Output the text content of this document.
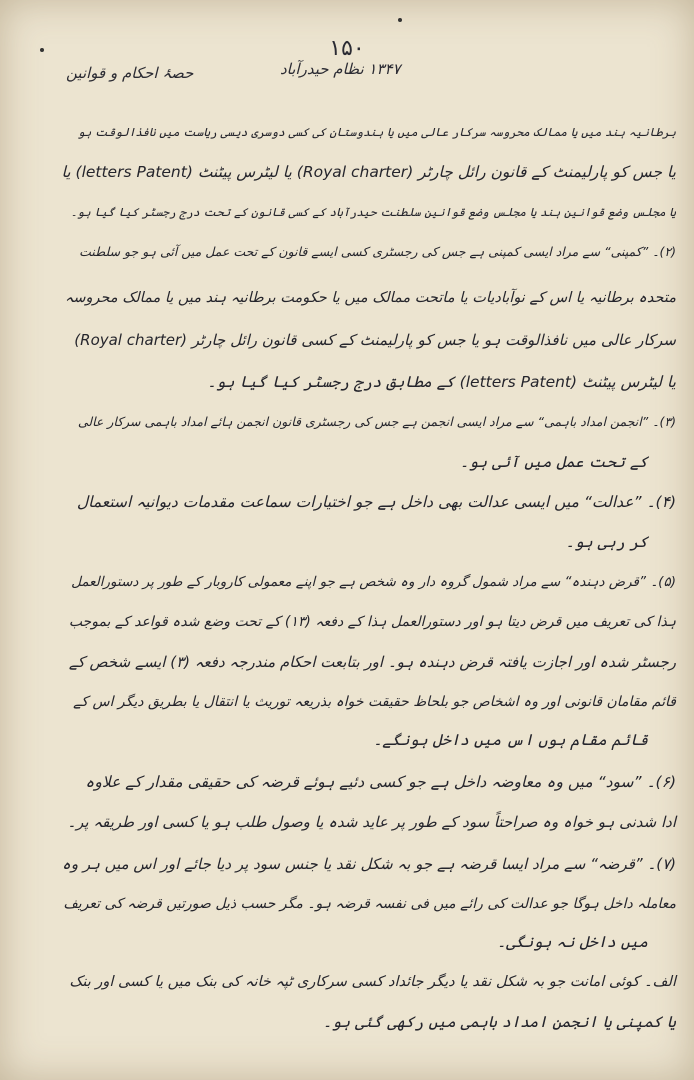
۱۵۰
حصۂ احکام و قوانین	۱۳۴۷ نظام حیدرآباد
برطانیہ ہند میں یا ممالک محروسہ سرکار عالی میں یا ہندوستان کی کسی دوسری دیسی ریاست میں نافذالوقت ہو
یا جس کو پارلیمنٹ کے قانون رائل چارٹر (Royal charter) یا لیٹرس پیٹنٹ (letters Patent) یا
یا مجلس وضع قوانین ہند یا مجلس وضع قوانین سلطنت حیدرآباد کے کسی قانون کے تحت درج رجسٹر کیا گیا ہو۔
(۲)۔ ”کمپنی“ سے مراد ایسی کمپنی ہے جس کی رجسٹری کسی ایسے قانون کے تحت عمل میں آئی ہو جو سلطنت
متحدہ برطانیہ یا اس کے نوآبادیات یا ماتحت ممالک میں یا حکومت برطانیہ ہند میں یا ممالک محروسہ
سرکار عالی میں نافذالوقت ہو یا جس کو پارلیمنٹ کے کسی قانون رائل چارٹر (Royal charter)
یا لیٹرس پیٹنٹ (letters Patent) کے مطابق درج رجسٹر کیا گیا ہو۔
(۳)۔ ”انجمن امداد باہمی“ سے مراد ایسی انجمن ہے جس کی رجسٹری قانون انجمن ہائے امداد باہمی سرکار عالی
کے تحت عمل میں آئی ہو۔
(۴)۔ ”عدالت“ میں ایسی عدالت بھی داخل ہے جو اختیارات سماعت مقدمات دیوانیہ استعمال
کر رہی ہو۔
(۵)۔ ”قرض دہندہ“ سے مراد شمول گروہ دار وہ شخص ہے جو اپنے معمولی کاروبار کے طور پر دستورالعمل
ہذا کی تعریف میں قرض دیتا ہو اور دستورالعمل ہذا کے دفعہ (۱۳) کے تحت وضع شدہ قواعد کے بموجب
رجسٹر شدہ اور اجازت یافتہ قرض دہندہ ہو۔ اور بتابعت احکام مندرجہ دفعہ (۳) ایسے شخص کے
قائم مقامان قانونی اور وہ اشخاص جو بلحاظ حقیقت خواہ بذریعہ توریث یا انتقال یا بطریق دیگر اس کے
قائم مقام ہوں اس میں داخل ہونگے۔
(۶)۔ ”سود“ میں وہ معاوضہ داخل ہے جو کسی دئیے ہوئے قرضہ کی حقیقی مقدار کے علاوہ
ادا شدنی ہو خواہ وہ صراحتاً سود کے طور پر عاید شدہ یا وصول طلب ہو یا کسی اور طریقہ پر۔
(۷)۔ ”قرضہ“ سے مراد ایسا قرضہ ہے جو بہ شکل نقد یا جنس سود پر دیا جائے اور اس میں ہر وہ
معاملہ داخل ہوگا جو عدالت کی رائے میں فی نفسہ قرضہ ہو۔ مگر حسب ذیل صورتیں قرضہ کی تعریف
میں داخل نہ ہونگی۔
الف۔ کوئی امانت جو بہ شکل نقد یا دیگر جائداد کسی سرکاری ٹپہ خانہ کی بنک میں یا کسی اور بنک
یا کمپنی یا انجمن امداد باہمی میں رکھی گئی ہو۔
